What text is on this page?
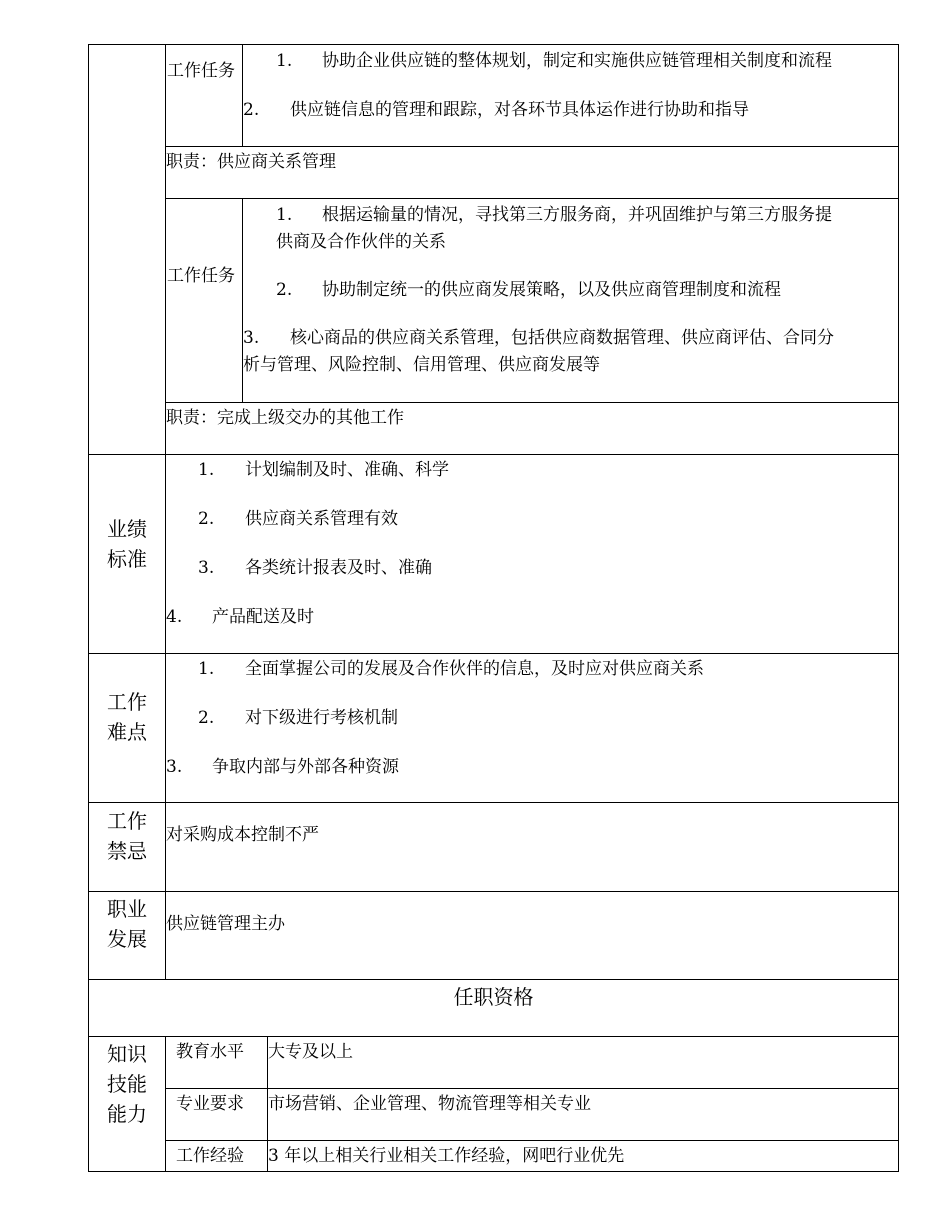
工作任务 1. 协助企业供应链的整体规划，制定和实施供应链管理相关制度和流程
2. 供应链信息的管理和跟踪，对各环节具体运作进行协助和指导
职责：供应商关系管理
工作任务
1. 根据运输量的情况，寻找第三方服务商，并巩固维护与第三方服务提
供商及合作伙伴的关系
2. 协助制定统一的供应商发展策略，以及供应商管理制度和流程
3. 核心商品的供应商关系管理，包括供应商数据管理、供应商评估、合同分
析与管理、风险控制、信用管理、供应商发展等
职责：完成上级交办的其他工作
业绩标准
1. 计划编制及时、准确、科学
2. 供应商关系管理有效
3. 各类统计报表及时、准确
4. 产品配送及时
工作难点
1. 全面掌握公司的发展及合作伙伴的信息，及时应对供应商关系
2. 对下级进行考核机制
3. 争取内部与外部各种资源
工作禁忌
对采购成本控制不严
职业发展
供应链管理主办
任职资格
知识技能能力
教育水平 大专及以上
专业要求 市场营销、企业管理、物流管理等相关专业
工作经验 3 年以上相关行业相关工作经验，网吧行业优先
